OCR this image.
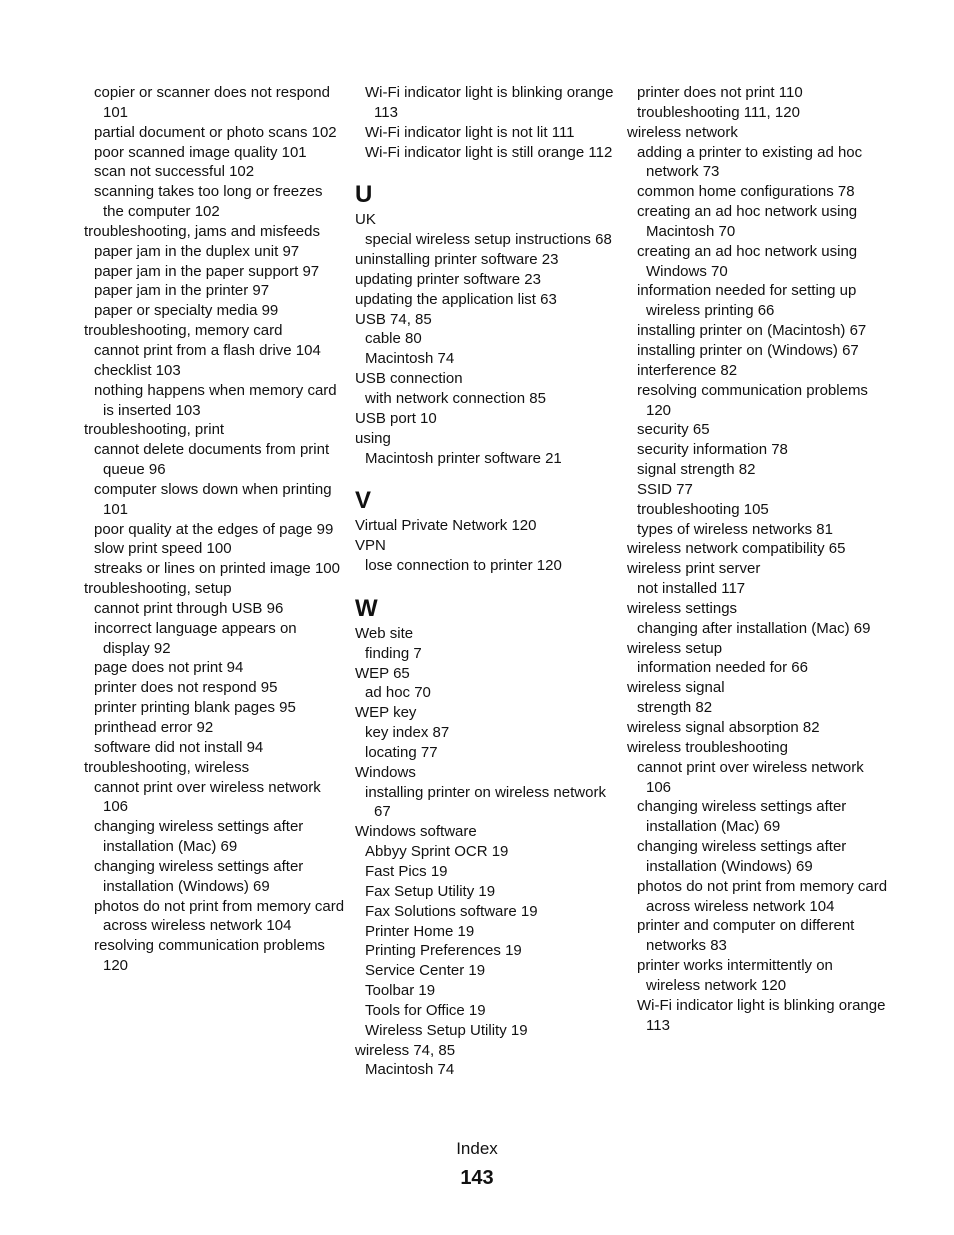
copier or scanner does not respond 101
partial document or photo scans 102
poor scanned image quality 101
scan not successful 102
scanning takes too long or freezes the computer 102
troubleshooting, jams and misfeeds
paper jam in the duplex unit 97
paper jam in the paper support 97
paper jam in the printer 97
paper or specialty media 99
troubleshooting, memory card
cannot print from a flash drive 104
checklist 103
nothing happens when memory card is inserted 103
troubleshooting, print
cannot delete documents from print queue 96
computer slows down when printing 101
poor quality at the edges of page 99
slow print speed 100
streaks or lines on printed image 100
troubleshooting, setup
cannot print through USB 96
incorrect language appears on display 92
page does not print 94
printer does not respond 95
printer printing blank pages 95
printhead error 92
software did not install 94
troubleshooting, wireless
cannot print over wireless network 106
changing wireless settings after installation (Mac) 69
changing wireless settings after installation (Windows) 69
photos do not print from memory card across wireless network 104
resolving communication problems 120
Wi-Fi indicator light is blinking orange 113
Wi-Fi indicator light is not lit 111
Wi-Fi indicator light is still orange 112
U
UK
special wireless setup instructions 68
uninstalling printer software 23
updating printer software 23
updating the application list 63
USB 74, 85
cable 80
Macintosh 74
USB connection
with network connection 85
USB port 10
using
Macintosh printer software 21
V
Virtual Private Network 120
VPN
lose connection to printer 120
W
Web site
finding 7
WEP 65
ad hoc 70
WEP key
key index 87
locating 77
Windows
installing printer on wireless network 67
Windows software
Abbyy Sprint OCR 19
Fast Pics 19
Fax Setup Utility 19
Fax Solutions software 19
Printer Home 19
Printing Preferences 19
Service Center 19
Toolbar 19
Tools for Office 19
Wireless Setup Utility 19
wireless 74, 85
Macintosh 74
printer does not print 110
troubleshooting 111, 120
wireless network
adding a printer to existing ad hoc network 73
common home configurations 78
creating an ad hoc network using Macintosh 70
creating an ad hoc network using Windows 70
information needed for setting up wireless printing 66
installing printer on (Macintosh) 67
installing printer on (Windows) 67
interference 82
resolving communication problems 120
security 65
security information 78
signal strength 82
SSID 77
troubleshooting 105
types of wireless networks 81
wireless network compatibility 65
wireless print server
not installed 117
wireless settings
changing after installation (Mac) 69
wireless setup
information needed for 66
wireless signal
strength 82
wireless signal absorption 82
wireless troubleshooting
cannot print over wireless network 106
changing wireless settings after installation (Mac) 69
changing wireless settings after installation (Windows) 69
photos do not print from memory card across wireless network 104
printer and computer on different networks 83
printer works intermittently on wireless network 120
Wi-Fi indicator light is blinking orange 113
Index
143
